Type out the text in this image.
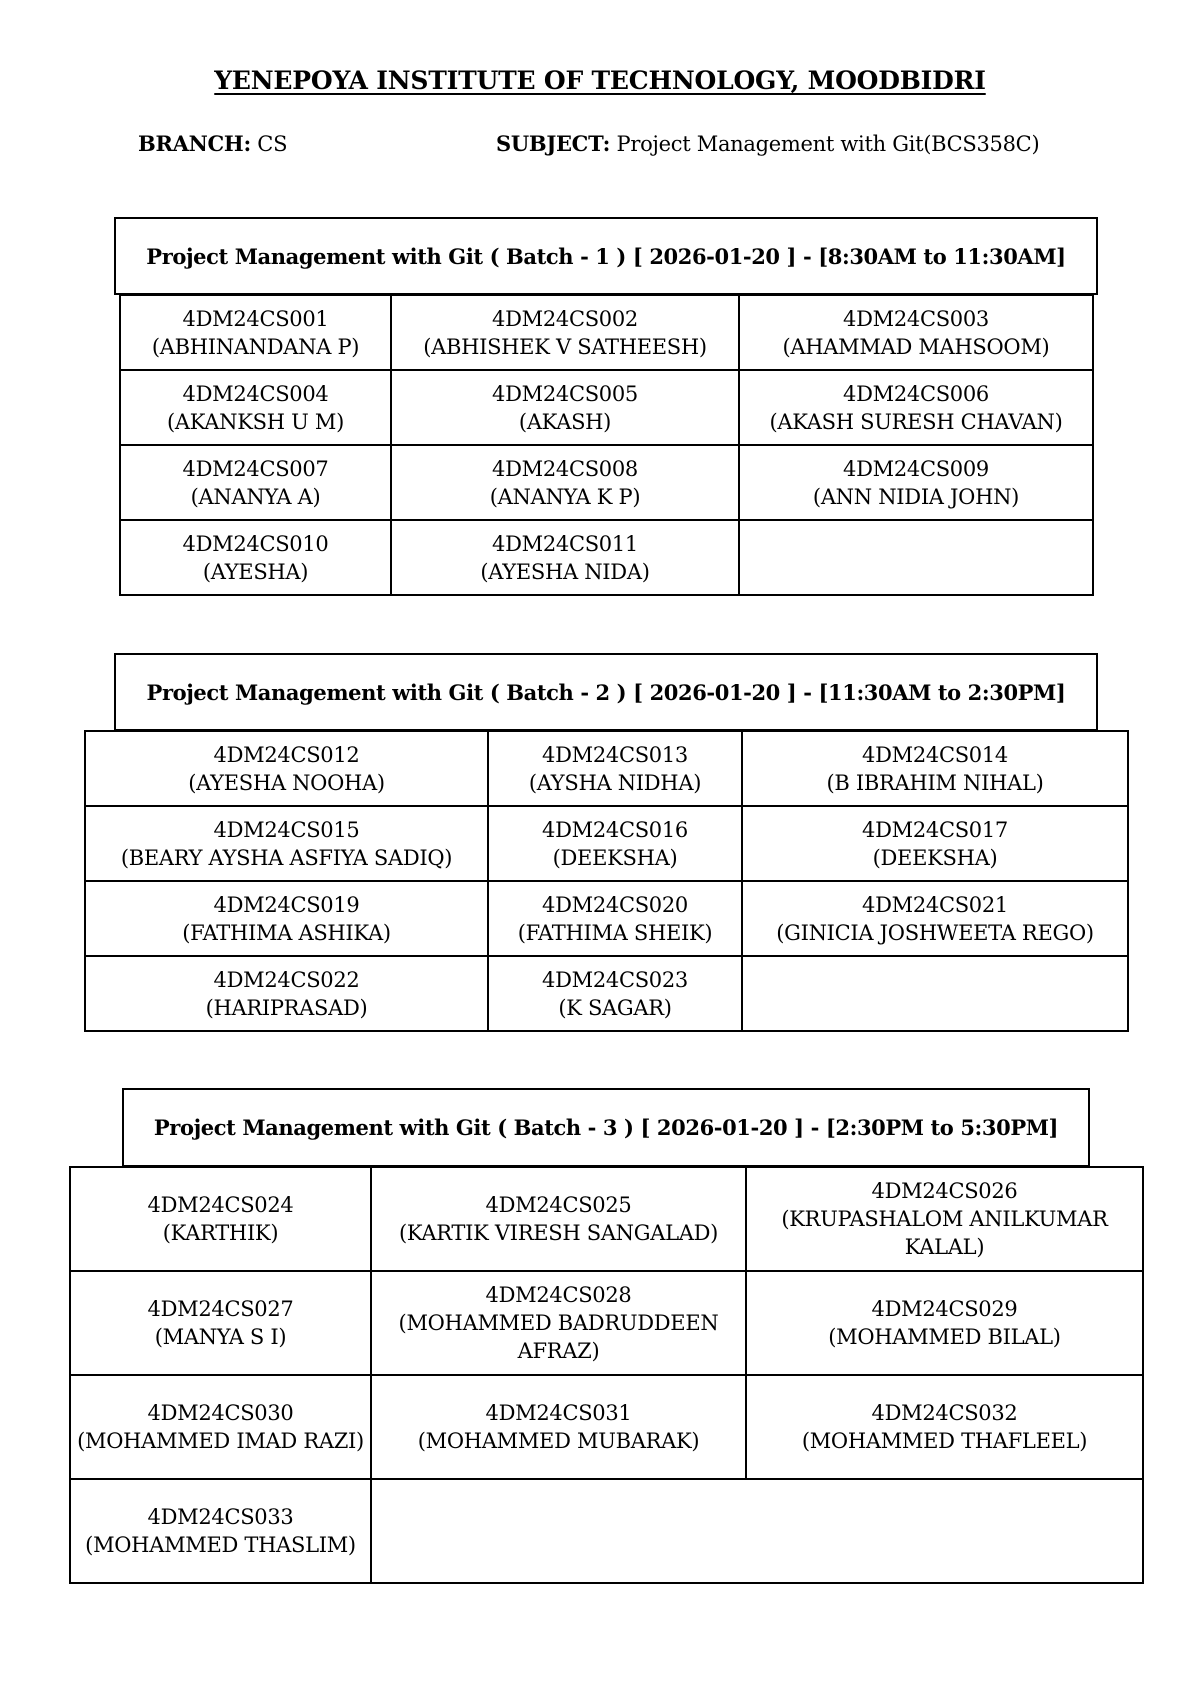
YENEPOYA INSTITUTE OF TECHNOLOGY, MOODBIDRI
BRANCH: CS	SUBJECT: Project Management with Git(BCS358C)
Project Management with Git ( Batch - 1 ) [ 2026-01-20 ] - [8:30AM to 11:30AM]
4DM24CS001
(ABHINANDANA P)	4DM24CS002
(ABHISHEK V SATHEESH)	4DM24CS003
(AHAMMAD MAHSOOM)

4DM24CS004
(AKANKSH U M)	4DM24CS005
(AKASH)	4DM24CS006
(AKASH SURESH CHAVAN)

4DM24CS007
(ANANYA A)	4DM24CS008
(ANANYA K P)	4DM24CS009
(ANN NIDIA JOHN)

4DM24CS010
(AYESHA)	4DM24CS011
(AYESHA NIDA)	

Project Management with Git ( Batch - 2 ) [ 2026-01-20 ] - [11:30AM to 2:30PM]
4DM24CS012
(AYESHA NOOHA)	4DM24CS013
(AYSHA NIDHA)	4DM24CS014
(B IBRAHIM NIHAL)

4DM24CS015
(BEARY AYSHA ASFIYA SADIQ)	4DM24CS016
(DEEKSHA)	4DM24CS017
(DEEKSHA)

4DM24CS019
(FATHIMA ASHIKA)	4DM24CS020
(FATHIMA SHEIK)	4DM24CS021
(GINICIA JOSHWEETA REGO)

4DM24CS022
(HARIPRASAD)	4DM24CS023
(K SAGAR)	

Project Management with Git ( Batch - 3 ) [ 2026-01-20 ] - [2:30PM to 5:30PM]
4DM24CS024
(KARTHIK)	4DM24CS025
(KARTIK VIRESH SANGALAD)	4DM24CS026
(KRUPASHALOM ANILKUMAR KALAL)

4DM24CS027
(MANYA S I)	4DM24CS028
(MOHAMMED BADRUDDEEN AFRAZ)	4DM24CS029
(MOHAMMED BILAL)

4DM24CS030
(MOHAMMED IMAD RAZI)	4DM24CS031
(MOHAMMED MUBARAK)	4DM24CS032
(MOHAMMED THAFLEEL)

4DM24CS033
(MOHAMMED THASLIM)		
